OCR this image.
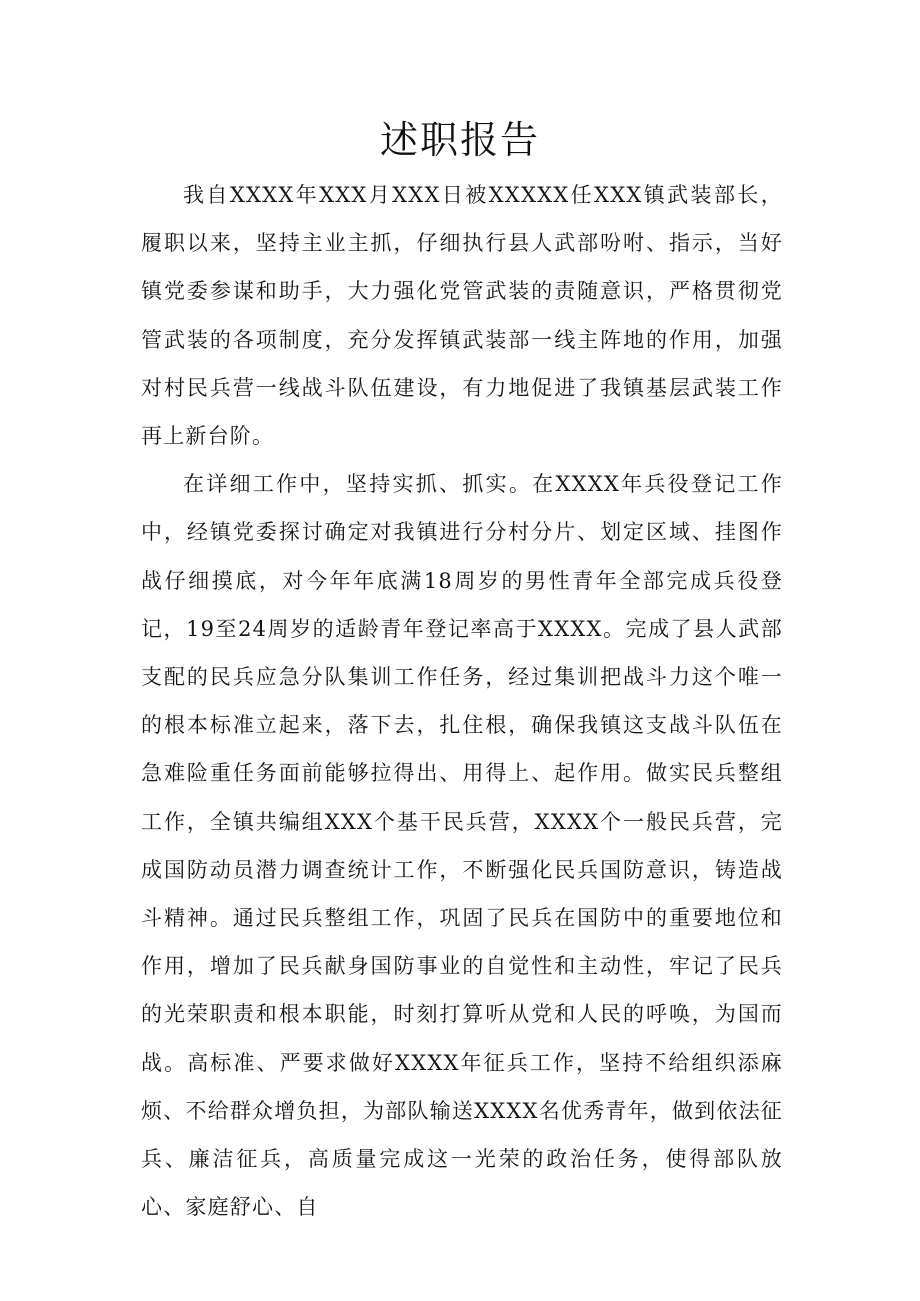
述职报告

我自XXXX年XXX月XXX日被XXXXX任XXX镇武装部长，履职以来，坚持主业主抓，仔细执行县人武部吩咐、指示，当好镇党委参谋和助手，大力强化党管武装的责随意识，严格贯彻党管武装的各项制度，充分发挥镇武装部一线主阵地的作用，加强对村民兵营一线战斗队伍建设，有力地促进了我镇基层武装工作再上新台阶。

在详细工作中，坚持实抓、抓实。在XXXX年兵役登记工作中，经镇党委探讨确定对我镇进行分村分片、划定区域、挂图作战仔细摸底，对今年年底满18周岁的男性青年全部完成兵役登记，19至24周岁的适龄青年登记率高于XXXX。完成了县人武部支配的民兵应急分队集训工作任务，经过集训把战斗力这个唯一的根本标准立起来，落下去，扎住根，确保我镇这支战斗队伍在急难险重任务面前能够拉得出、用得上、起作用。做实民兵整组工作，全镇共编组XXX个基干民兵营，XXXX个一般民兵营，完成国防动员潜力调查统计工作，不断强化民兵国防意识，铸造战斗精神。通过民兵整组工作，巩固了民兵在国防中的重要地位和作用，增加了民兵献身国防事业的自觉性和主动性，牢记了民兵的光荣职责和根本职能，时刻打算听从党和人民的呼唤，为国而战。高标准、严要求做好XXXX年征兵工作，坚持不给组织添麻烦、不给群众增负担，为部队输送XXXX名优秀青年，做到依法征兵、廉洁征兵，高质量完成这一光荣的政治任务，使得部队放心、家庭舒心、自
